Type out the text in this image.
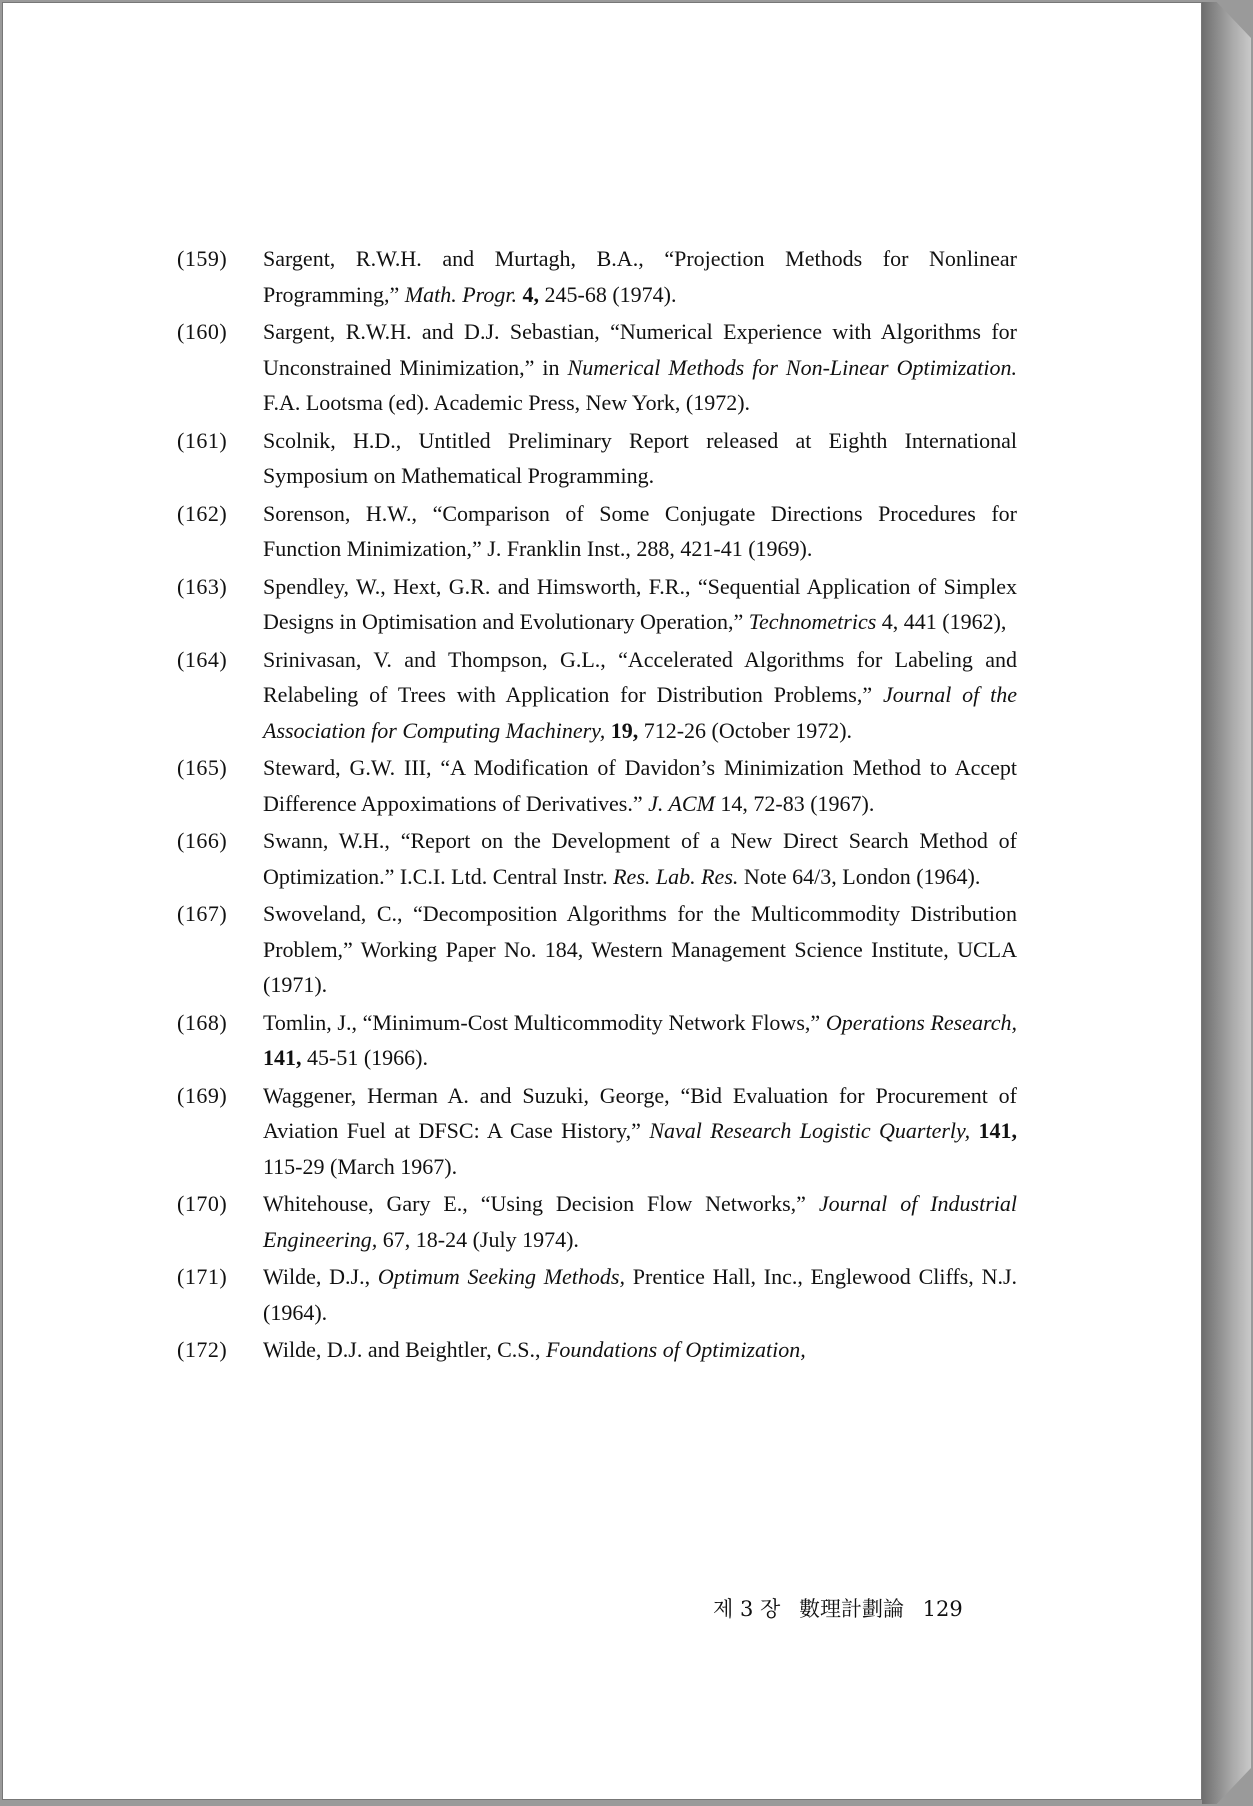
(159)	Sargent, R.W.H. and Murtagh, B.A., “Projection Methods for Nonlinear Programming,” Math. Progr. 4, 245-68 (1974).
(160)	Sargent, R.W.H. and D.J. Sebastian, “Numerical Experience with Algorithms for Unconstrained Minimization,” in Numerical Methods for Non-Linear Optimization. F.A. Lootsma (ed). Academic Press, New York, (1972).
(161)	Scolnik, H.D., Untitled Preliminary Report released at Eighth International Symposium on Mathematical Programming.
(162)	Sorenson, H.W., “Comparison of Some Conjugate Directions Procedures for Function Minimization,” J. Franklin Inst., 288, 421-41 (1969).
(163)	Spendley, W., Hext, G.R. and Himsworth, F.R., “Sequential Application of Simplex Designs in Optimisation and Evolutionary Operation,” Technometrics 4, 441 (1962),
(164)	Srinivasan, V. and Thompson, G.L., “Accelerated Algorithms for Labeling and Relabeling of Trees with Application for Distribution Problems,” Journal of the Association for Computing Machinery, 19, 712-26 (October 1972).
(165)	Steward, G.W. III, “A Modification of Davidon’s Minimization Method to Accept Difference Appoximations of Derivatives.” J. ACM 14, 72-83 (1967).
(166)	Swann, W.H., “Report on the Development of a New Direct Search Method of Optimization.” I.C.I. Ltd. Central Instr. Res. Lab. Res. Note 64/3, London (1964).
(167)	Swoveland, C., “Decomposition Algorithms for the Multicommodity Distribution Problem,” Working Paper No. 184, Western Management Science Institute, UCLA (1971).
(168)	Tomlin, J., “Minimum-Cost Multicommodity Network Flows,” Operations Research, 141, 45-51 (1966).
(169)	Waggener, Herman A. and Suzuki, George, “Bid Evaluation for Procurement of Aviation Fuel at DFSC: A Case History,” Naval Research Logistic Quarterly, 141, 115-29 (March 1967).
(170)	Whitehouse, Gary E., “Using Decision Flow Networks,” Journal of Industrial Engineering, 67, 18-24 (July 1974).
(171)	Wilde, D.J., Optimum Seeking Methods, Prentice Hall, Inc., Englewood Cliffs, N.J. (1964).
(172)	Wilde, D.J. and Beightler, C.S., Foundations of Optimization,
제 3 장 數理計劃論 129
